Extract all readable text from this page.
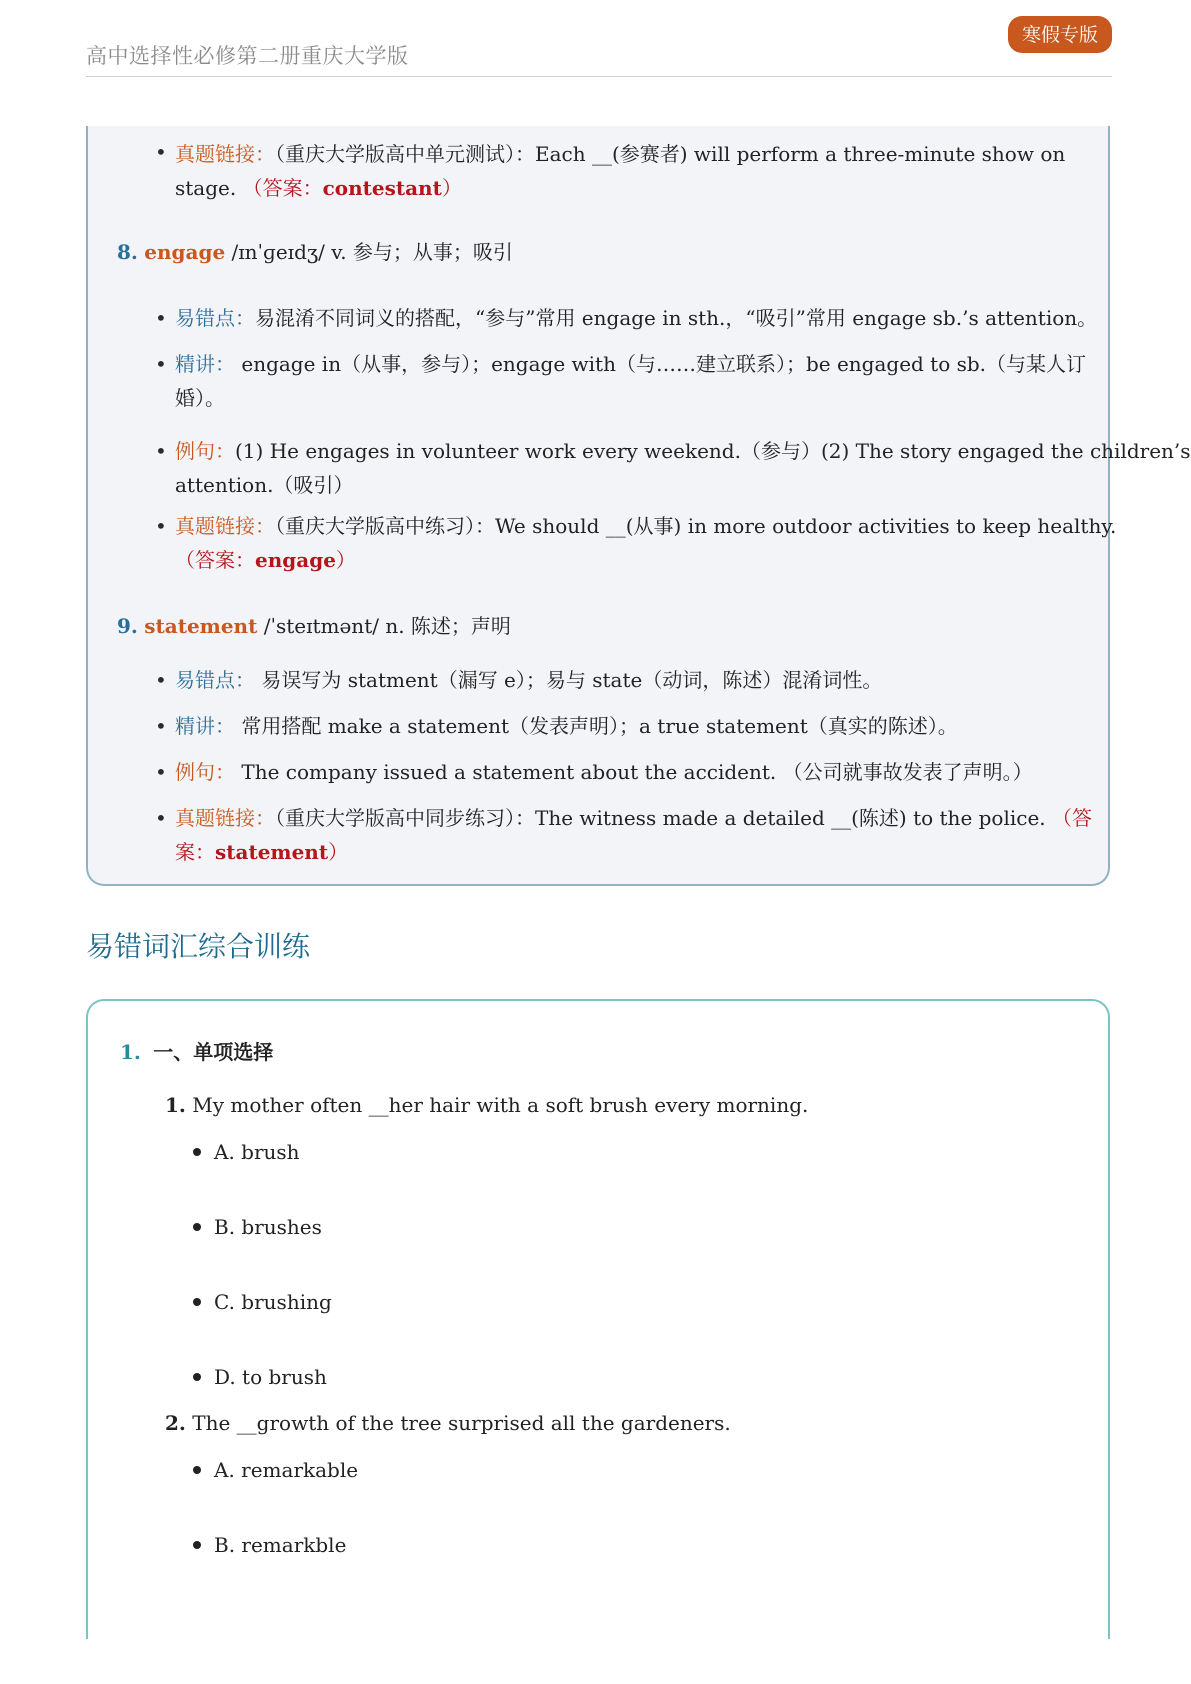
高中选择性必修第二册重庆大学版
寒假专版
• 真题链接：（重庆大学版高中单元测试）：Each __(参赛者) will perform a three-minute show on
stage. （答案：contestant）
8. engage /ɪnˈɡeɪdʒ/ v. 参与；从事；吸引
• 易错点：易混淆不同词义的搭配，“参与”常用 engage in sth.，“吸引”常用 engage sb.’s attention。
• 精讲： engage in（从事，参与）；engage with（与……建立联系）；be engaged to sb.（与某人订
婚）。
• 例句：(1) He engages in volunteer work every weekend.（参与）(2) The story engaged the children’s
attention.（吸引）
• 真题链接：（重庆大学版高中练习）：We should __(从事) in more outdoor activities to keep healthy.
（答案：engage）
9. statement /ˈsteɪtmənt/ n. 陈述；声明
• 易错点： 易误写为 statment（漏写 e）；易与 state（动词，陈述）混淆词性。
• 精讲： 常用搭配 make a statement（发表声明）；a true statement（真实的陈述）。
• 例句： The company issued a statement about the accident. （公司就事故发表了声明。）
• 真题链接：（重庆大学版高中同步练习）：The witness made a detailed __(陈述) to the police. （答
案：statement）
易错词汇综合训练
1. 一、单项选择
1. My mother often __her hair with a soft brush every morning.
A. brush
B. brushes
C. brushing
D. to brush
2. The __growth of the tree surprised all the gardeners.
A. remarkable
B. remarkble
